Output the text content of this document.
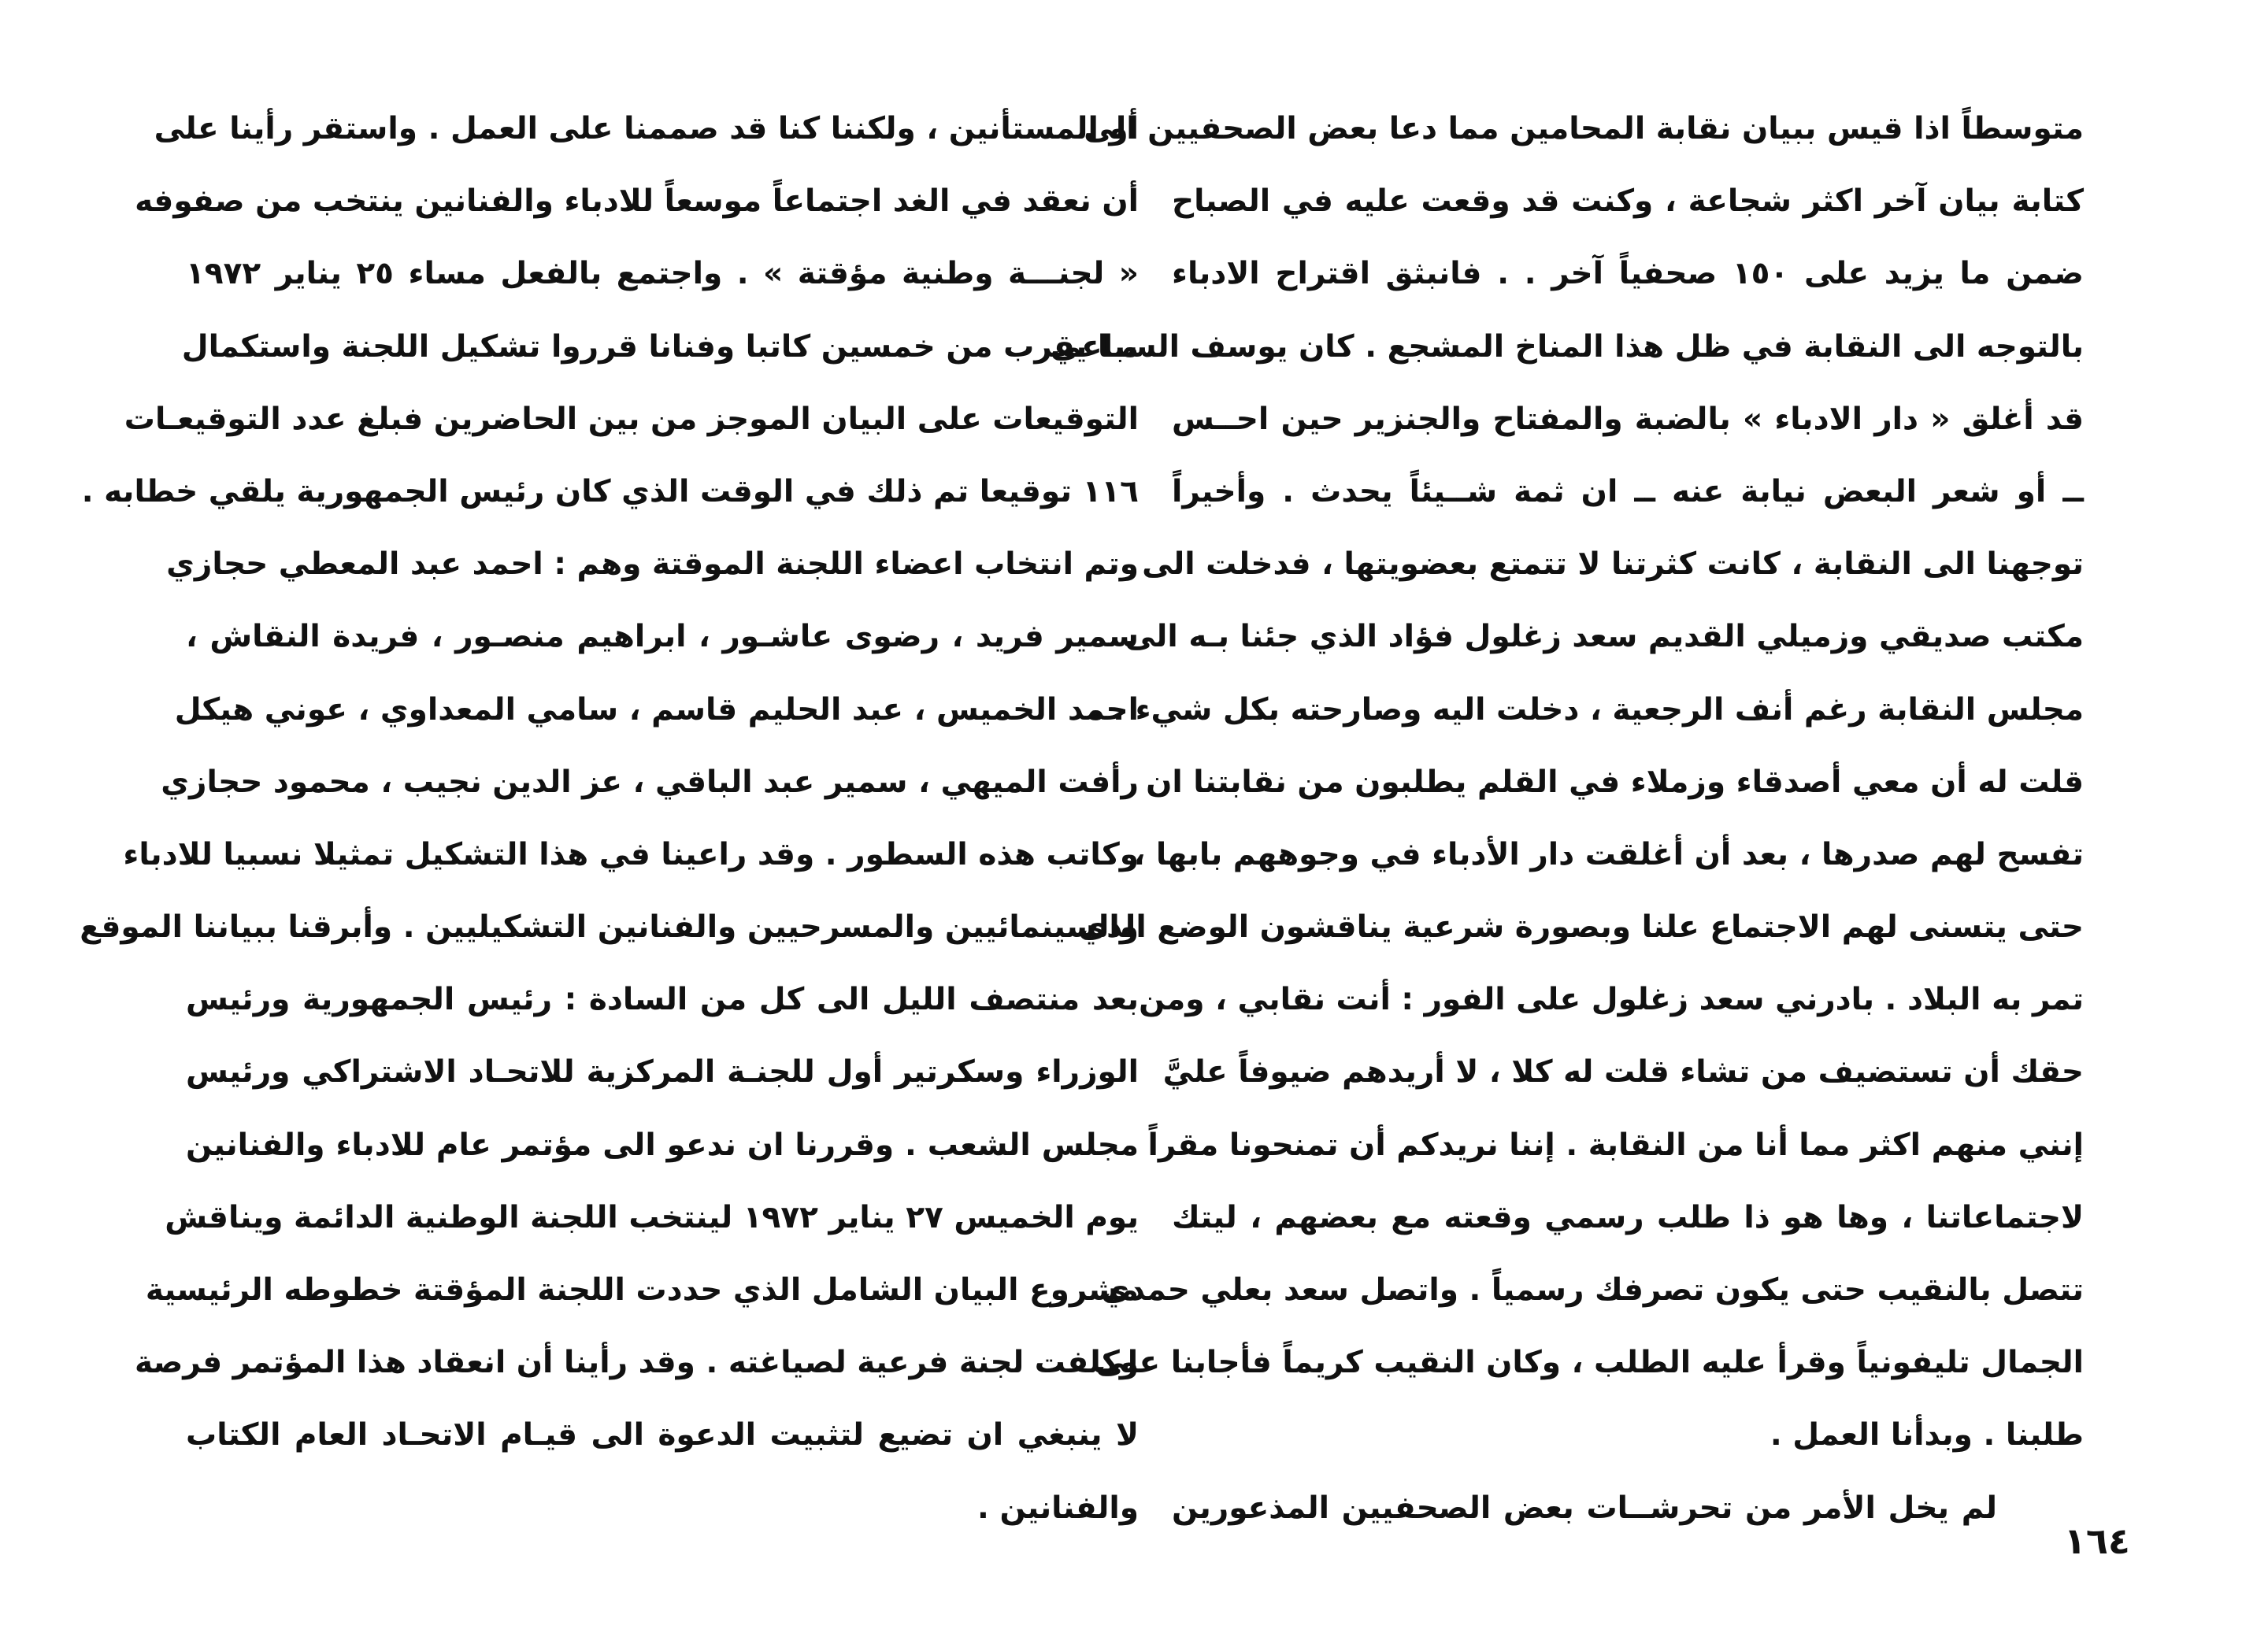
متوسطاً اذا قيس ببيان نقابة المحامين مما دعا بعض الصحفيين الى
كتابة بيان آخر اكثر شجاعة ، وكنت قد وقعت عليه في الصباح
ضمن ما يزيد على ١٥٠ صحفياً آخر . . فانبثق اقتراح الادباء
بالتوجه الى النقابة في ظل هذا المناخ المشجع . كان يوسف السباعي
قد أغلق « دار الادباء » بالضبة والمفتاح والجنزير حين احــس
ــ أو شعر البعض نيابة عنه ــ ان ثمة شــيئاً يحدث . وأخيراً
توجهنا الى النقابة ، كانت كثرتنا لا تتمتع بعضويتها ، فدخلت الى
مكتب صديقي وزميلي القديم سعد زغلول فؤاد الذي جئنا بـه الى
مجلس النقابة رغم أنف الرجعية ، دخلت اليه وصارحته بكل شيء . .
قلت له أن معي أصدقاء وزملاء في القلم يطلبون من نقابتنا ان
تفسح لهم صدرها ، بعد أن أغلقت دار الأدباء في وجوههم بابها ،
حتى يتسنى لهم الاجتماع علنا وبصورة شرعية يناقشون الوضع الذي
تمر به البلاد . بادرني سعد زغلول على الفور : أنت نقابي ، ومن
حقك أن تستضيف من تشاء قلت له كلا ، لا أريدهم ضيوفاً عليَّ
إنني منهم اكثر مما أنا من النقابة . إننا نريدكم أن تمنحونا مقراً
لاجتماعاتنا ، وها هو ذا طلب رسمي وقعته مع بعضهم ، ليتك
تتصل بالنقيب حتى يكون تصرفك رسمياً . واتصل سعد بعلي حمدي
الجمال تليفونياً وقرأ عليه الطلب ، وكان النقيب كريماً فأجابنا على
طلبنا . وبدأنا العمل .
لم يخل الأمر من تحرشــات بعض الصحفيين المذعورين
أو المستأنين ، ولكننا كنا قد صممنا على العمل . واستقر رأينا على
أن نعقد في الغد اجتماعاً موسعاً للادباء والفنانين ينتخب من صفوفه
« لجنـــة وطنية مؤقتة » . واجتمع بالفعل مساء ٢٥ يناير ١٩٧٢
مـا يقرب من خمسين كاتبا وفنانا قرروا تشكيل اللجنة واستكمال
التوقيعات على البيان الموجز من بين الحاضرين فبلغ عدد التوقيعـات
١١٦ توقيعا تم ذلك في الوقت الذي كان رئيس الجمهورية يلقي خطابه .
وتم انتخاب اعضاء اللجنة الموقتة وهم : احمد عبد المعطي حجازي
سمير فريد ، رضوى عاشـور ، ابراهيم منصـور ، فريدة النقاش ،
احمد الخميس ، عبد الحليم قاسم ، سامي المعداوي ، عوني هيكل
رأفت الميهي ، سمير عبد الباقي ، عز الدين نجيب ، محمود حجازي
وكاتب هذه السطور . وقد راعينا في هذا التشكيل تمثيلا نسبيا للادباء
والسينمائيين والمسرحيين والفنانين التشكيليين . وأبرقنا ببياننا الموقع
بعد منتصف الليل الى كل من السادة : رئيس الجمهورية ورئيس
الوزراء وسكرتير أول للجنـة المركزية للاتحـاد الاشتراكي ورئيس
مجلس الشعب . وقررنا ان ندعو الى مؤتمر عام للادباء والفنانين
يوم الخميس ٢٧ يناير ١٩٧٢ لينتخب اللجنة الوطنية الدائمة ويناقش
مشروع البيان الشامل الذي حددت اللجنة المؤقتة خطوطه الرئيسية
وكلفت لجنة فرعية لصياغته . وقد رأينا أن انعقاد هذا المؤتمر فرصة
لا ينبغي ان تضيع لتثبيت الدعوة الى قيـام الاتحـاد العام الكتاب
والفنانين .
١٦٤
